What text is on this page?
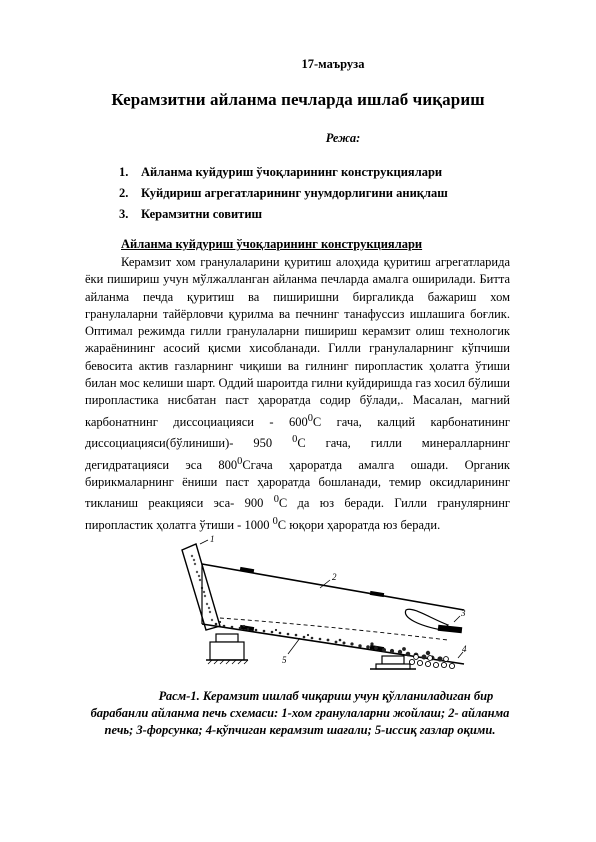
17-маъруза
Керамзитни айланма печларда ишлаб чиқариш
Режа:
1. Айланма куйдуриш ўчоқларининг конструкциялари
2. Куйдириш агрегатларининг унумдорлигини аниқлаш
3. Керамзитни совитиш
Айланма куйдуриш ўчоқларининг конструкциялари

Керамзит хом гранулаларини қуритиш алоҳида қуритиш агрегатларида ёки пишириш учун мўлжалланган айланма печларда амалга оширилади. Битта айланма печда қуритиш ва пиширишни биргаликда бажариш хом гранулаларни тайёрловчи қурилма ва печнинг танафуссиз ишлашига боғлик. Оптимал режимда гилли гранулаларни пишириш керамзит олиш технологик жараёнининг асосий қисми хисобланади. Гилли гранулаларнинг кўпчиши бевосита актив газларнинг чиқиши ва гилнинг пиропластик ҳолатга ўтиши билан мос келиши шарт. Оддий шароитда гилни куйдиришда газ хосил бўлиши пиропластика нисбатан паст ҳароратда содир бўлади,. Масалан, магний карбонатнинг диссоциацияси - $600^0С$ гача, калций карбонатининг диссоциацияси(бўлиниши)- 950 $^0$С гача, гилли минералларнинг дегидратацияси эса $800^0Сгача$ ҳароратда амалга ошади. Органик бирикмаларнинг ёниши паст ҳароратда бошланади, темир оксидларининг тикланиш реакцияси эса- 900 $^0$С да юз беради. Гилли гранулярнинг пиропластик ҳолатга ўтиши - 1000 $^0$С юқори ҳароратда юз беради.

1
2
5
3
4
Расм-1. Керамзит ишлаб чиқариш учун қўлланиладиган бир барабанли айланма печь схемаси: 1-хом гранулаларни жойлаш; 2- айланма печь; 3-форсунка; 4-кўпчиган керамзит шағали; 5-иссиқ газлар оқими.
